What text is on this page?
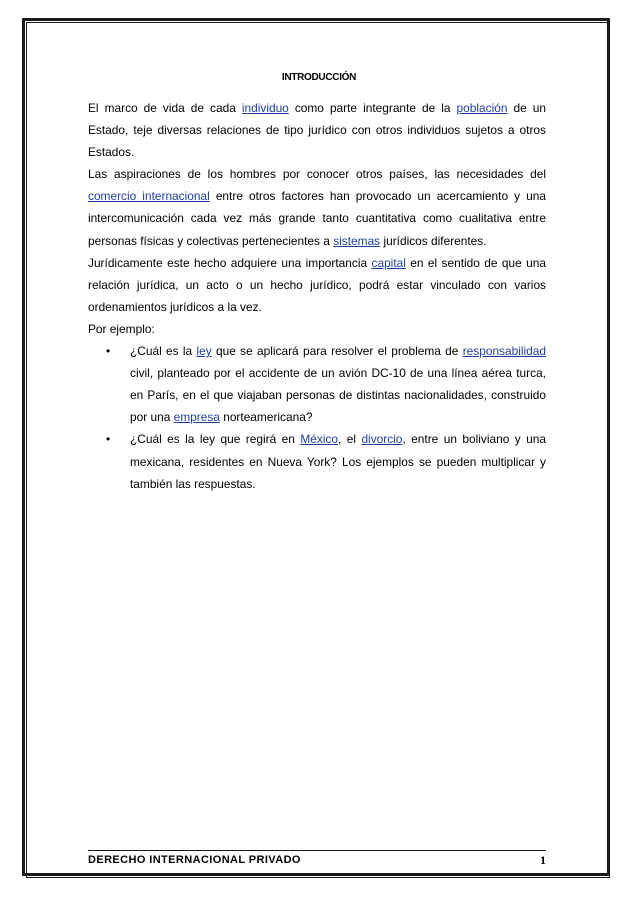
INTRODUCCIÓN

El marco de vida de cada individuo como parte integrante de la población de un Estado, teje diversas relaciones de tipo jurídico con otros individuos sujetos a otros Estados.

Las aspiraciones de los hombres por conocer otros países, las necesidades del comercio internacional entre otros factores han provocado un acercamiento y una intercomunicación cada vez más grande tanto cuantitativa como cualitativa entre personas físicas y colectivas pertenecientes a sistemas jurídicos diferentes.

Jurídicamente este hecho adquiere una importancia capital en el sentido de que una relación jurídica, un acto o un hecho jurídico, podrá estar vinculado con varios ordenamientos jurídicos a la vez.

Por ejemplo:

• ¿Cuál es la ley que se aplicará para resolver el problema de responsabilidad civil, planteado por el accidente de un avión DC-10 de una línea aérea turca, en París, en el que viajaban personas de distintas nacionalidades, construido por una empresa norteamericana?
• ¿Cuál es la ley que regirá en México, el divorcio, entre un boliviano y una mexicana, residentes en Nueva York? Los ejemplos se pueden multiplicar y también las respuestas.
DERECHO INTERNACIONAL PRIVADO	1
